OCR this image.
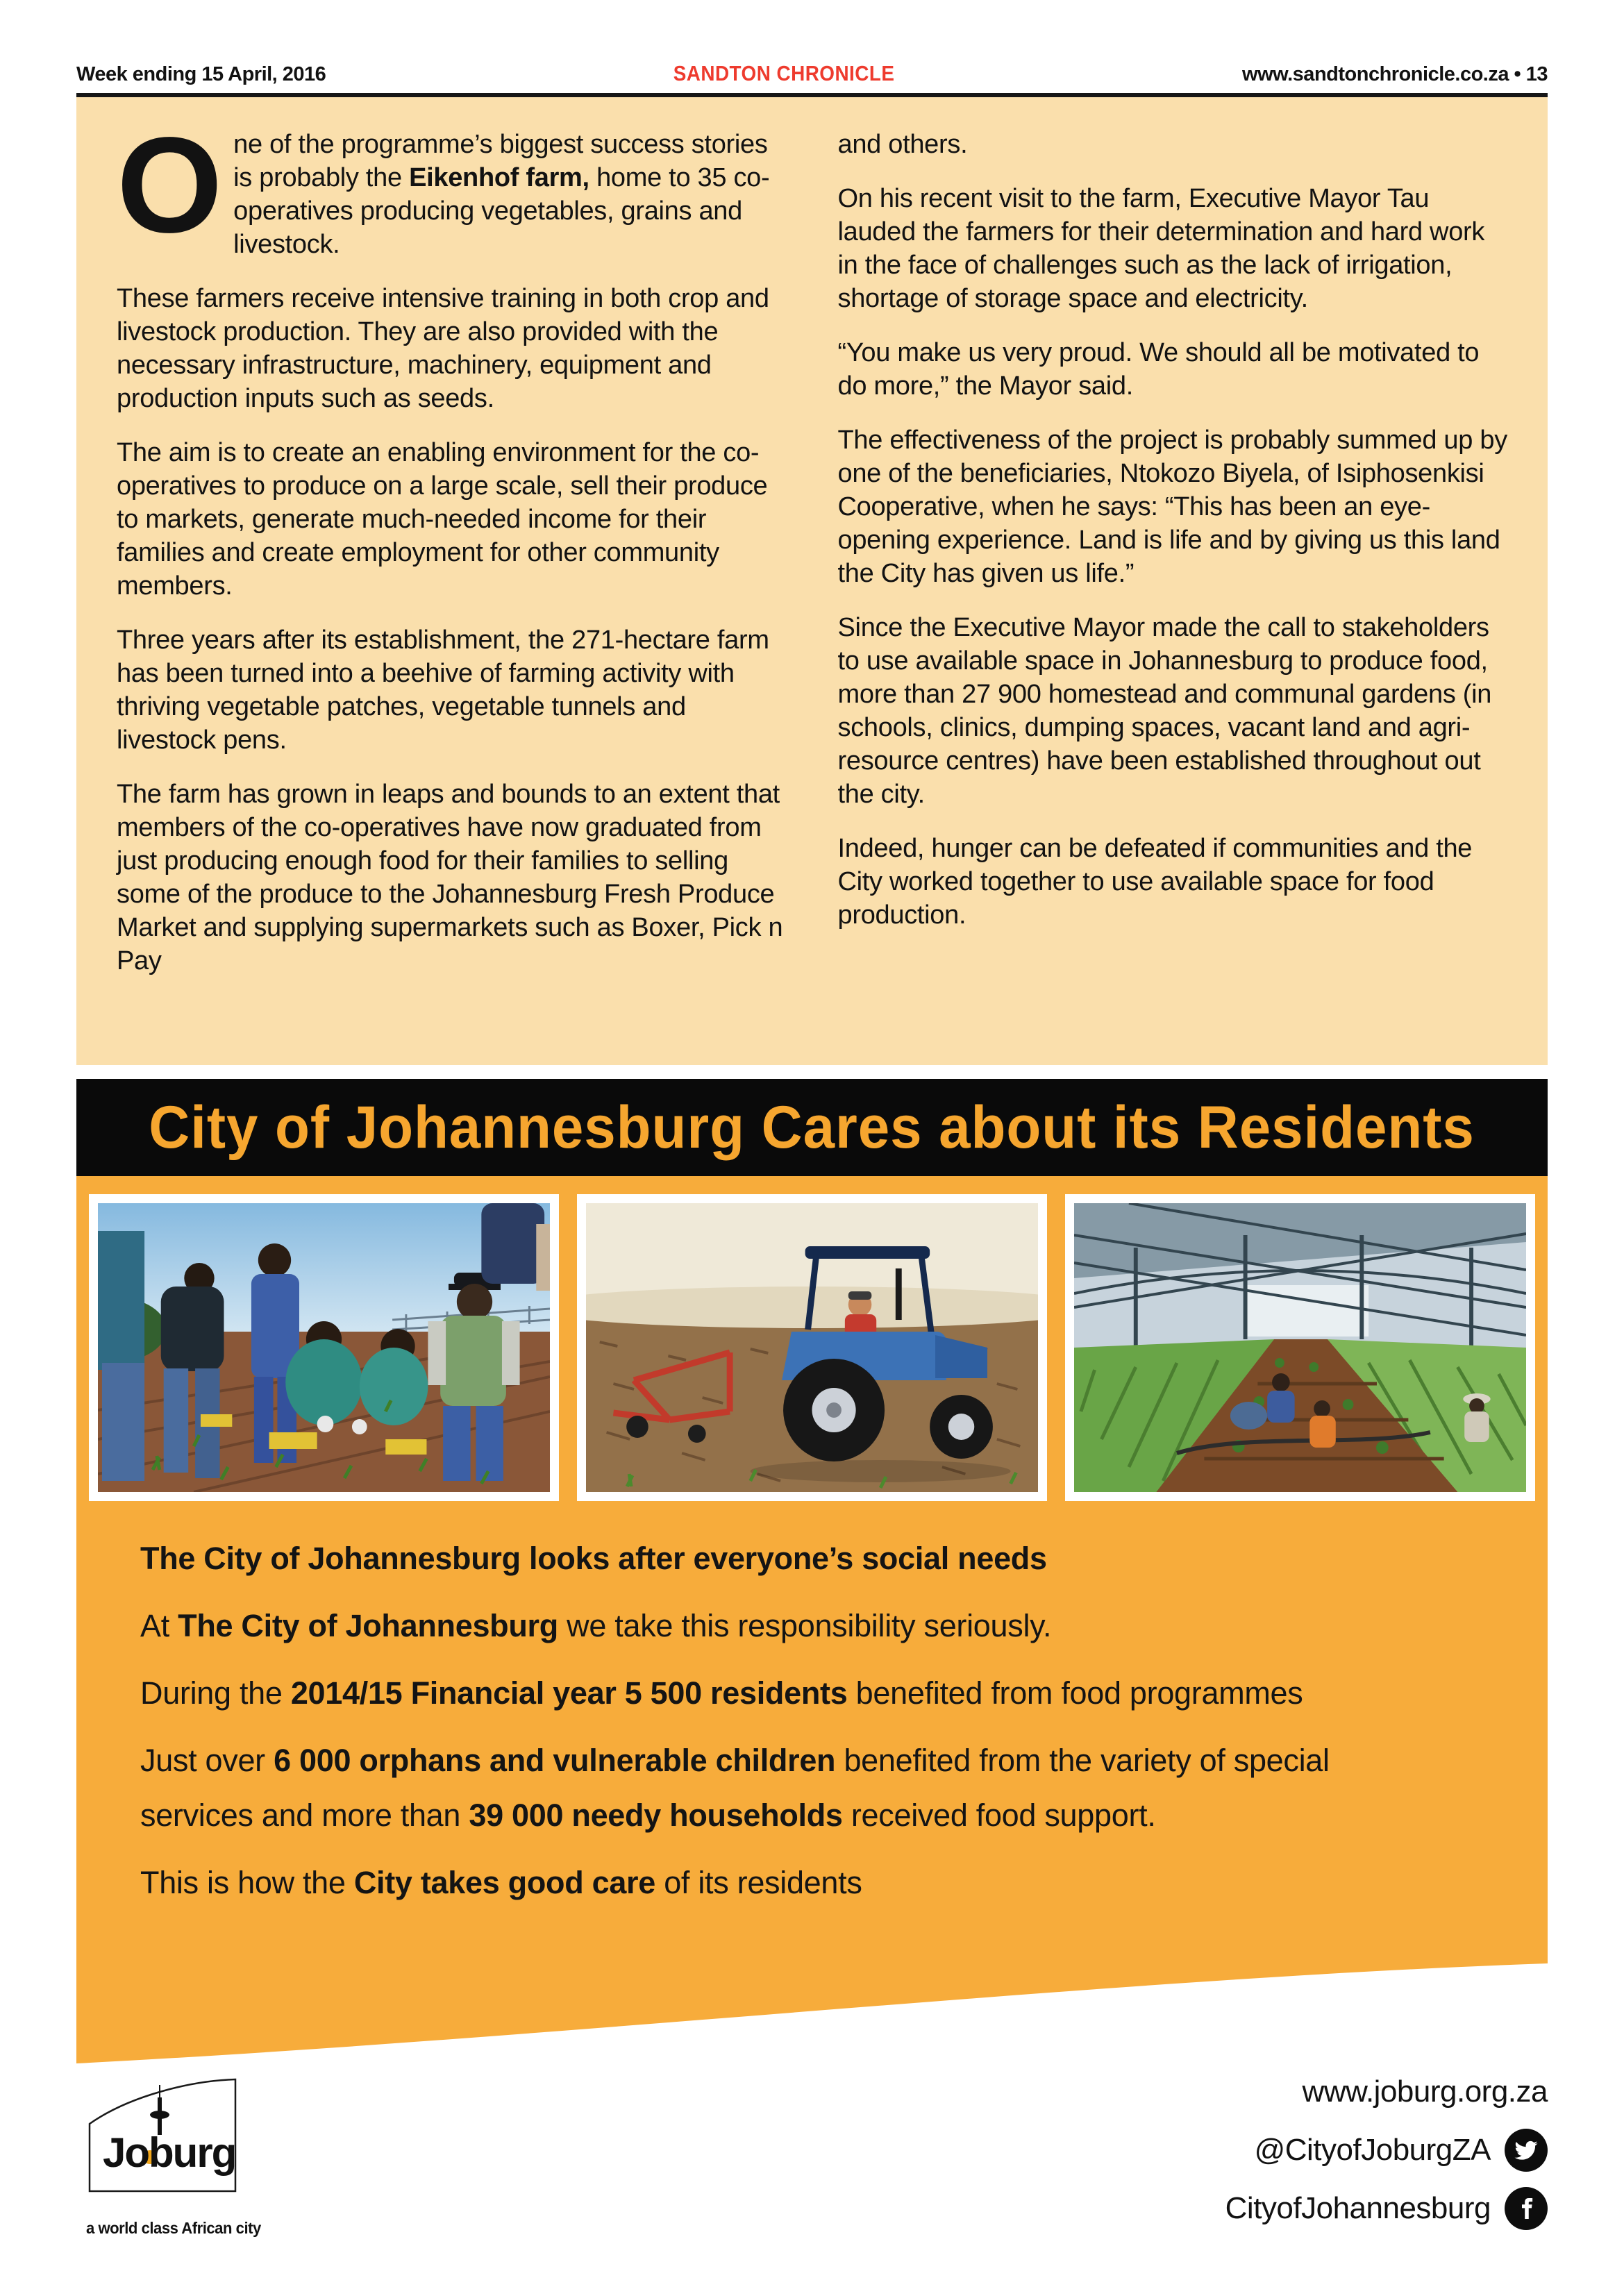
Week ending 15 April, 2016	SANDTON CHRONICLE	www.sandtonchronicle.co.za • 13

One of the programme’s biggest success stories is probably the Eikenhof farm, home to 35 co-operatives producing vegetables, grains and livestock.

These farmers receive intensive training in both crop and livestock production. They are also provided with the necessary infrastructure, machinery, equipment and production inputs such as seeds.

The aim is to create an enabling environment for the co-operatives to produce on a large scale, sell their produce to markets, generate much-needed income for their families and create employment for other community members.

Three years after its establishment, the 271-hectare farm has been turned into a beehive of farming activity with thriving vegetable patches, vegetable tunnels and livestock pens.

The farm has grown in leaps and bounds to an extent that members of the co-operatives have now graduated from just producing enough food for their families to selling some of the produce to the Johannesburg Fresh Produce Market and supplying supermarkets such as Boxer, Pick n Pay

and others.

On his recent visit to the farm, Executive Mayor Tau lauded the farmers for their determination and hard work in the face of challenges such as the lack of irrigation, shortage of storage space and electricity.

“You make us very proud. We should all be motivated to do more,” the Mayor said.

The effectiveness of the project is probably summed up by one of the beneficiaries, Ntokozo Biyela, of Isiphosenkisi Cooperative, when he says: “This has been an eye-opening experience. Land is life and by giving us this land the City has given us life.”

Since the Executive Mayor made the call to stakeholders to use available space in Johannesburg to produce food, more than 27 900 homestead and communal gardens (in schools, clinics, dumping spaces, vacant land and agri-resource centres) have been established throughout out the city.

Indeed, hunger can be defeated if communities and the City worked together to use available space for food production.

City of Johannesburg Cares about its Residents

The City of Johannesburg looks after everyone’s social needs

At The City of Johannesburg we take this responsibility seriously.

During the 2014/15 Financial year 5 500 residents benefited from food programmes

Just over 6 000 orphans and vulnerable children benefited from the variety of special services and more than 39 000 needy households received food support.

This is how the City takes good care of its residents

Joburg
a world class African city
www.joburg.org.za
@CityofJoburgZA
CityofJohannesburg
